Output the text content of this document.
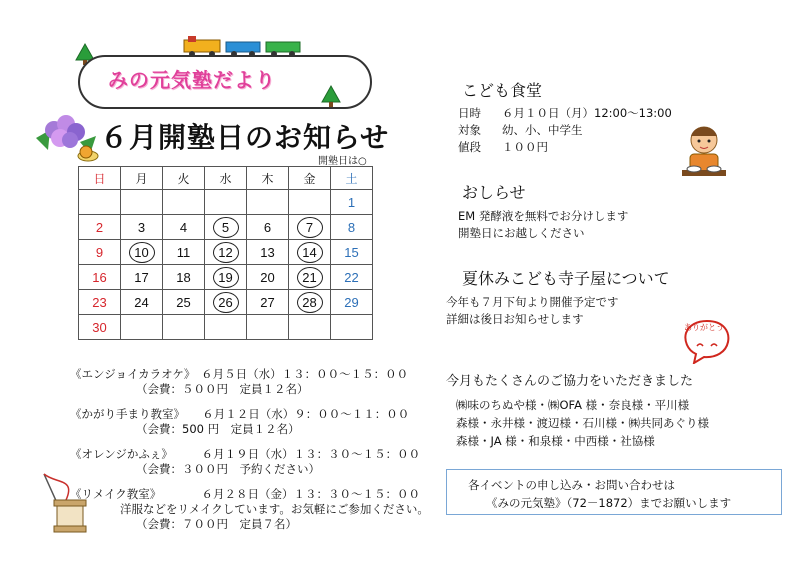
みの元気塾だより
６月開塾日のお知らせ
開塾日は○
日	月	火	水	木	金	土
						1
2	3	4	5	6	7	8
9	10	11	12	13	14	15
16	17	18	19	20	21	22
23	24	25	26	27	28	29
30						
《エンジョイカラオケ》　６月５日（水）１３：００～１５：００
（会費：５００円　定員１２名）
《かがり手まり教室》　　６月１２日（水）９：００～１１：００
（会費：500 円　定員１２名）
《オレンジかふぇ》　　　６月１９日（水）１３：３０～１５：００
（会費：３００円　予約ください）
《リメイク教室》　　　　６月２８日（金）１３：３０～１５：００
洋服などをリメイクしています。お気軽にご参加ください。
（会費：７００円　定員７名）
こども食堂
日時 ６月１０日（月）12:00～13:00
対象 幼、小、中学生
値段 １００円
おしらせ
EM 発酵液を無料でお分けします
開塾日にお越しください
夏休みこども寺子屋について
今年も７月下旬より開催予定です
詳細は後日お知らせします
ありがとう
今月もたくさんのご協力をいただきました
㈱味のちぬや様・㈱OFA 様・奈良様・平川様
森様・永井様・渡辺様・石川様・㈱共同あぐり様
森様・JA 様・和泉様・中西様・社協様
各イベントの申し込み・お問い合わせは
《みの元気塾》（72－1872）までお願いします
